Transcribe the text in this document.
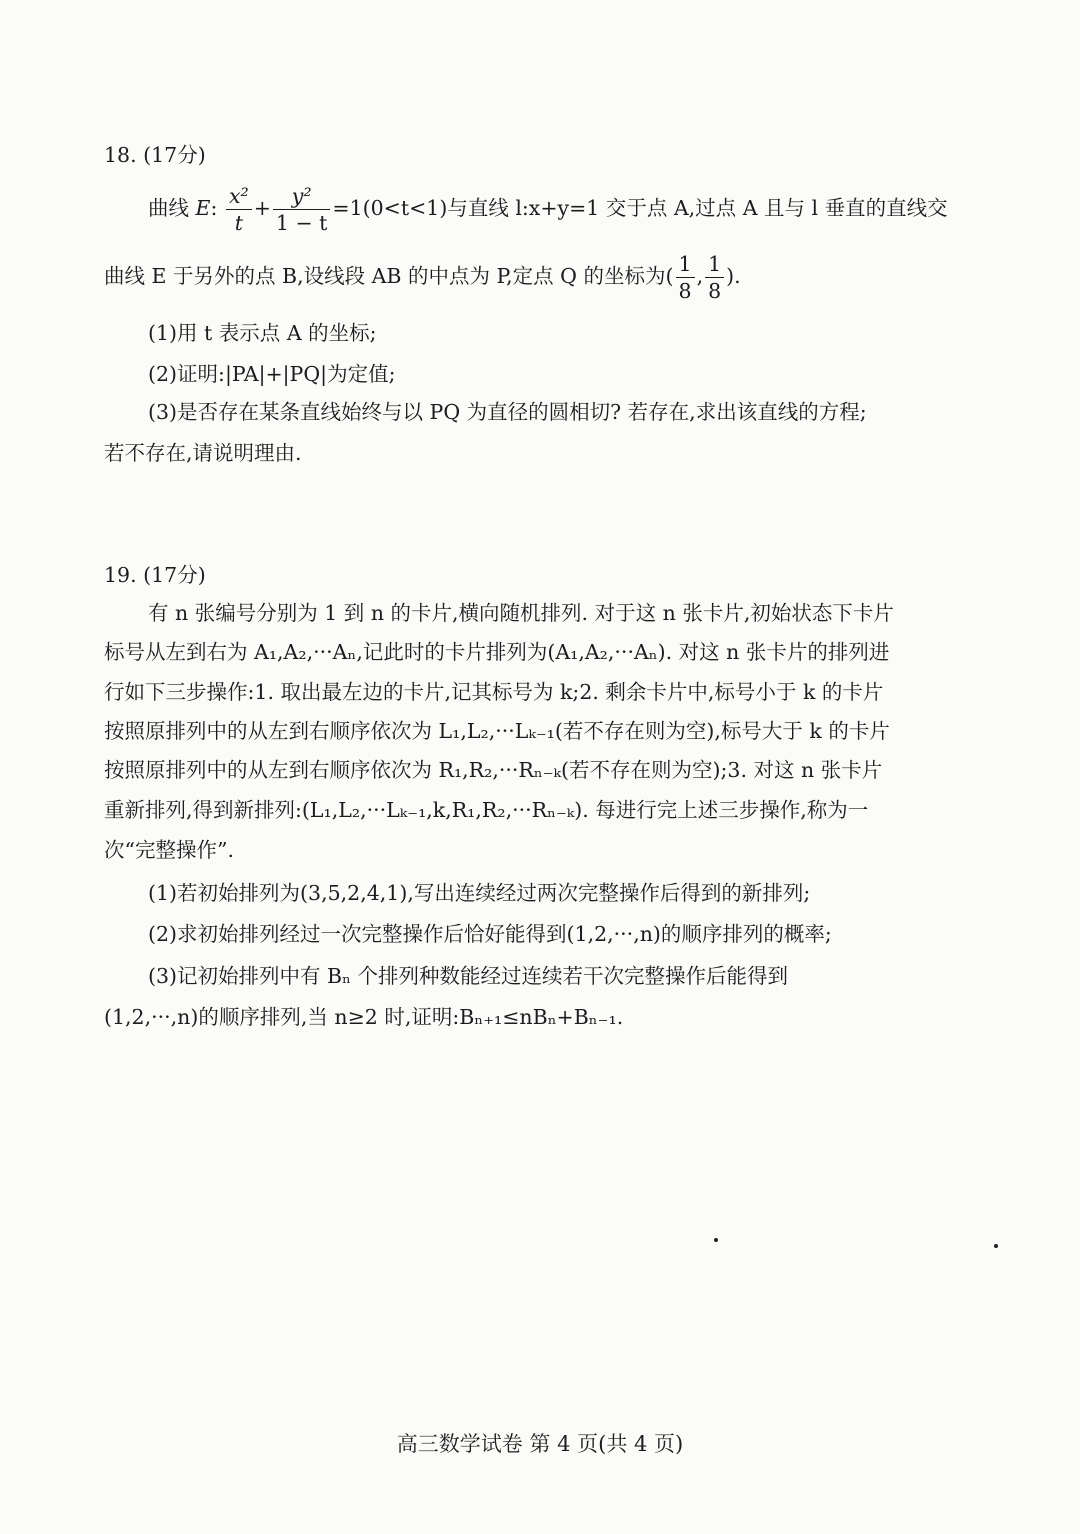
18. (17分)
曲线 E: $\frac{\text{x²}}{t} + \frac{\text{y²}}{1 - t} =1(0<t<1)$与直线 l:x+y=1 交于点 A,过点 A 且与 l 垂直的直线交
曲线 E 于另外的点 B,设线段 AB 的中点为 P,定点 Q 的坐标为( $\frac{1}{8}$ , $\frac{1}{8}$ ).
(1)用 t 表示点 A 的坐标;
(2)证明:|PA|+|PQ|为定值;
(3)是否存在某条直线始终与以 PQ 为直径的圆相切? 若存在,求出该直线的方程;
若不存在,请说明理由.
19. (17分)
有 n 张编号分别为 1 到 n 的卡片,横向随机排列. 对于这 n 张卡片,初始状态下卡片
标号从左到右为 A₁,A₂,···Aₙ,记此时的卡片排列为(A₁,A₂,···Aₙ). 对这 n 张卡片的排列进
行如下三步操作:1. 取出最左边的卡片,记其标号为 k;2. 剩余卡片中,标号小于 k 的卡片
按照原排列中的从左到右顺序依次为 L₁,L₂,···Lₖ₋₁(若不存在则为空),标号大于 k 的卡片
按照原排列中的从左到右顺序依次为 R₁,R₂,···Rₙ₋ₖ(若不存在则为空);3. 对这 n 张卡片
重新排列,得到新排列:(L₁,L₂,···Lₖ₋₁,k,R₁,R₂,···Rₙ₋ₖ). 每进行完上述三步操作,称为一
次“完整操作”.
(1)若初始排列为(3,5,2,4,1),写出连续经过两次完整操作后得到的新排列;
(2)求初始排列经过一次完整操作后恰好能得到(1,2,···,n)的顺序排列的概率;
(3)记初始排列中有 Bₙ 个排列种数能经过连续若干次完整操作后能得到
(1,2,···,n)的顺序排列,当 n≥2 时,证明:Bₙ₊₁≤nBₙ+Bₙ₋₁.
高三数学试卷 第 4 页(共 4 页)
